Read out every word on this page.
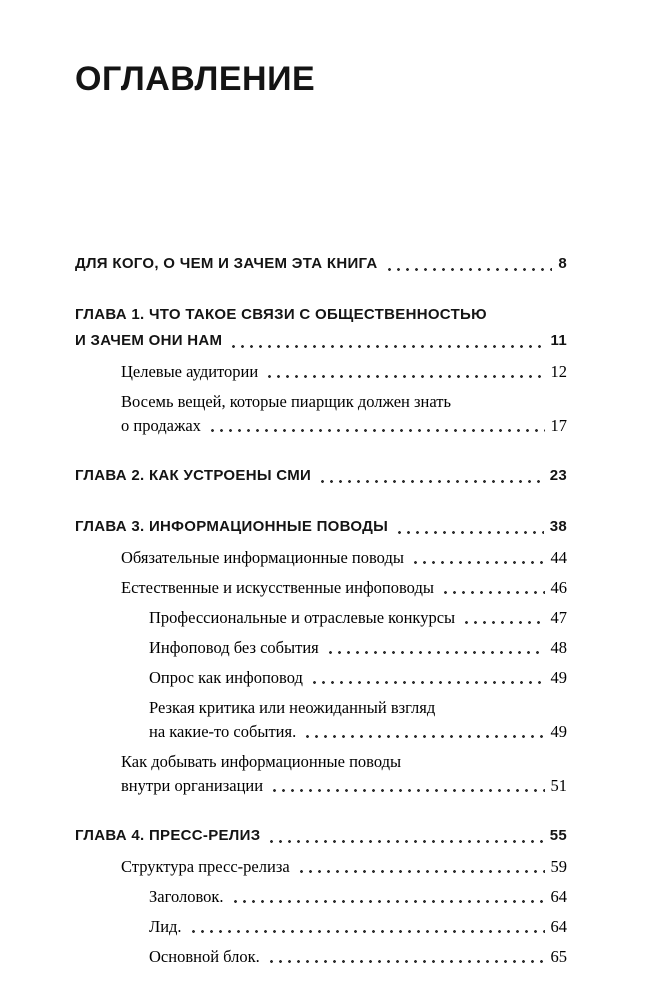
ОГЛАВЛЕНИЕ
ДЛЯ КОГО, О ЧЕМ И ЗАЧЕМ ЭТА КНИГА	8
ГЛАВА 1. ЧТО ТАКОЕ СВЯЗИ С ОБЩЕСТВЕННОСТЬЮ
И ЗАЧЕМ ОНИ НАМ	11
Целевые аудитории	12
Восемь вещей, которые пиарщик должен знать
о продажах	17
ГЛАВА 2. КАК УСТРОЕНЫ СМИ	23
ГЛАВА 3. ИНФОРМАЦИОННЫЕ ПОВОДЫ	38
Обязательные информационные поводы	44
Естественные и искусственные инфоповоды	46
Профессиональные и отраслевые конкурсы	47
Инфоповод без события	48
Опрос как инфоповод	49
Резкая критика или неожиданный взгляд
на какие-то события.	49
Как добывать информационные поводы
внутри организации	51
ГЛАВА 4. ПРЕСС-РЕЛИЗ	55
Структура пресс-релиза	59
Заголовок.	64
Лид.	64
Основной блок.	65
